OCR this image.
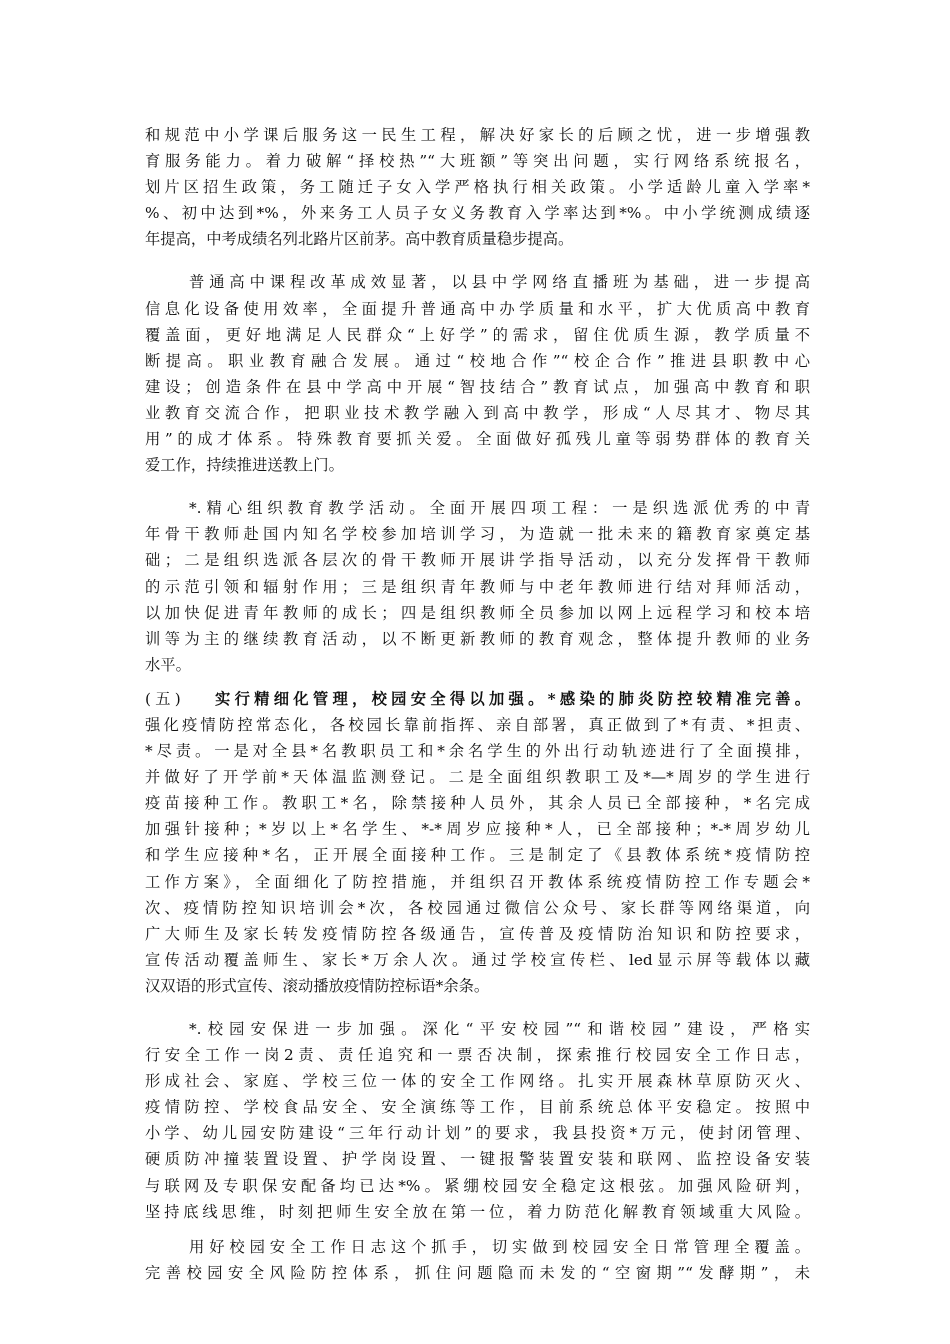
和规范中小学课后服务这一民生工程，解决好家长的后顾之忧，进一步增强教
育服务能力。着力破解“择校热”“大班额”等突出问题，实行网络系统报名，
划片区招生政策，务工随迁子女入学严格执行相关政策。小学适龄儿童入学率*
%、初中达到*%，外来务工人员子女义务教育入学率达到*%。中小学统测成绩逐
年提高，中考成绩名列北路片区前茅。高中教育质量稳步提高。
普通高中课程改革成效显著，以县中学网络直播班为基础，进一步提高
信息化设备使用效率，全面提升普通高中办学质量和水平，扩大优质高中教育
覆盖面，更好地满足人民群众“上好学”的需求，留住优质生源，教学质量不
断提高。职业教育融合发展。通过“校地合作”“校企合作”推进县职教中心
建设；创造条件在县中学高中开展“智技结合”教育试点，加强高中教育和职
业教育交流合作，把职业技术教学融入到高中教学，形成“人尽其才、物尽其
用”的成才体系。特殊教育要抓关爱。全面做好孤残儿童等弱势群体的教育关
爱工作，持续推进送教上门。
*.精心组织教育教学活动。全面开展四项工程：一是织选派优秀的中青
年骨干教师赴国内知名学校参加培训学习，为造就一批未来的籍教育家奠定基
础；二是组织选派各层次的骨干教师开展讲学指导活动，以充分发挥骨干教师
的示范引领和辐射作用；三是组织青年教师与中老年教师进行结对拜师活动，
以加快促进青年教师的成长；四是组织教师全员参加以网上远程学习和校本培
训等为主的继续教育活动，以不断更新教师的教育观念，整体提升教师的业务
水平。
(五) 实行精细化管理，校园安全得以加强。*感染的肺炎防控较精准完善。
强化疫情防控常态化，各校园长靠前指挥、亲自部署，真正做到了*有责、*担责、
*尽责。一是对全县*名教职员工和*余名学生的外出行动轨迹进行了全面摸排，
并做好了开学前*天体温监测登记。二是全面组织教职工及*—*周岁的学生进行
疫苗接种工作。教职工*名，除禁接种人员外，其余人员已全部接种，*名完成
加强针接种；*岁以上*名学生、*-*周岁应接种*人，已全部接种；*-*周岁幼儿
和学生应接种*名，正开展全面接种工作。三是制定了《县教体系统*疫情防控
工作方案》，全面细化了防控措施，并组织召开教体系统疫情防控工作专题会*
次、疫情防控知识培训会*次，各校园通过微信公众号、家长群等网络渠道，向
广大师生及家长转发疫情防控各级通告，宣传普及疫情防治知识和防控要求，
宣传活动覆盖师生、家长*万余人次。通过学校宣传栏、led显示屏等载体以藏
汉双语的形式宣传、滚动播放疫情防控标语*余条。
*.校园安保进一步加强。深化“平安校园”“和谐校园”建设，严格实
行安全工作一岗2责、责任追究和一票否决制，探索推行校园安全工作日志，
形成社会、家庭、学校三位一体的安全工作网络。扎实开展森林草原防灭火、
疫情防控、学校食品安全、安全演练等工作，目前系统总体平安稳定。按照中
小学、幼儿园安防建设“三年行动计划”的要求，我县投资*万元，使封闭管理、
硬质防冲撞装置设置、护学岗设置、一键报警装置安装和联网、监控设备安装
与联网及专职保安配备均已达*%。紧绷校园安全稳定这根弦。加强风险研判，
坚持底线思维，时刻把师生安全放在第一位，着力防范化解教育领域重大风险。
用好校园安全工作日志这个抓手，切实做到校园安全日常管理全覆盖。
完善校园安全风险防控体系，抓住问题隐而未发的“空窗期”“发酵期”，未
